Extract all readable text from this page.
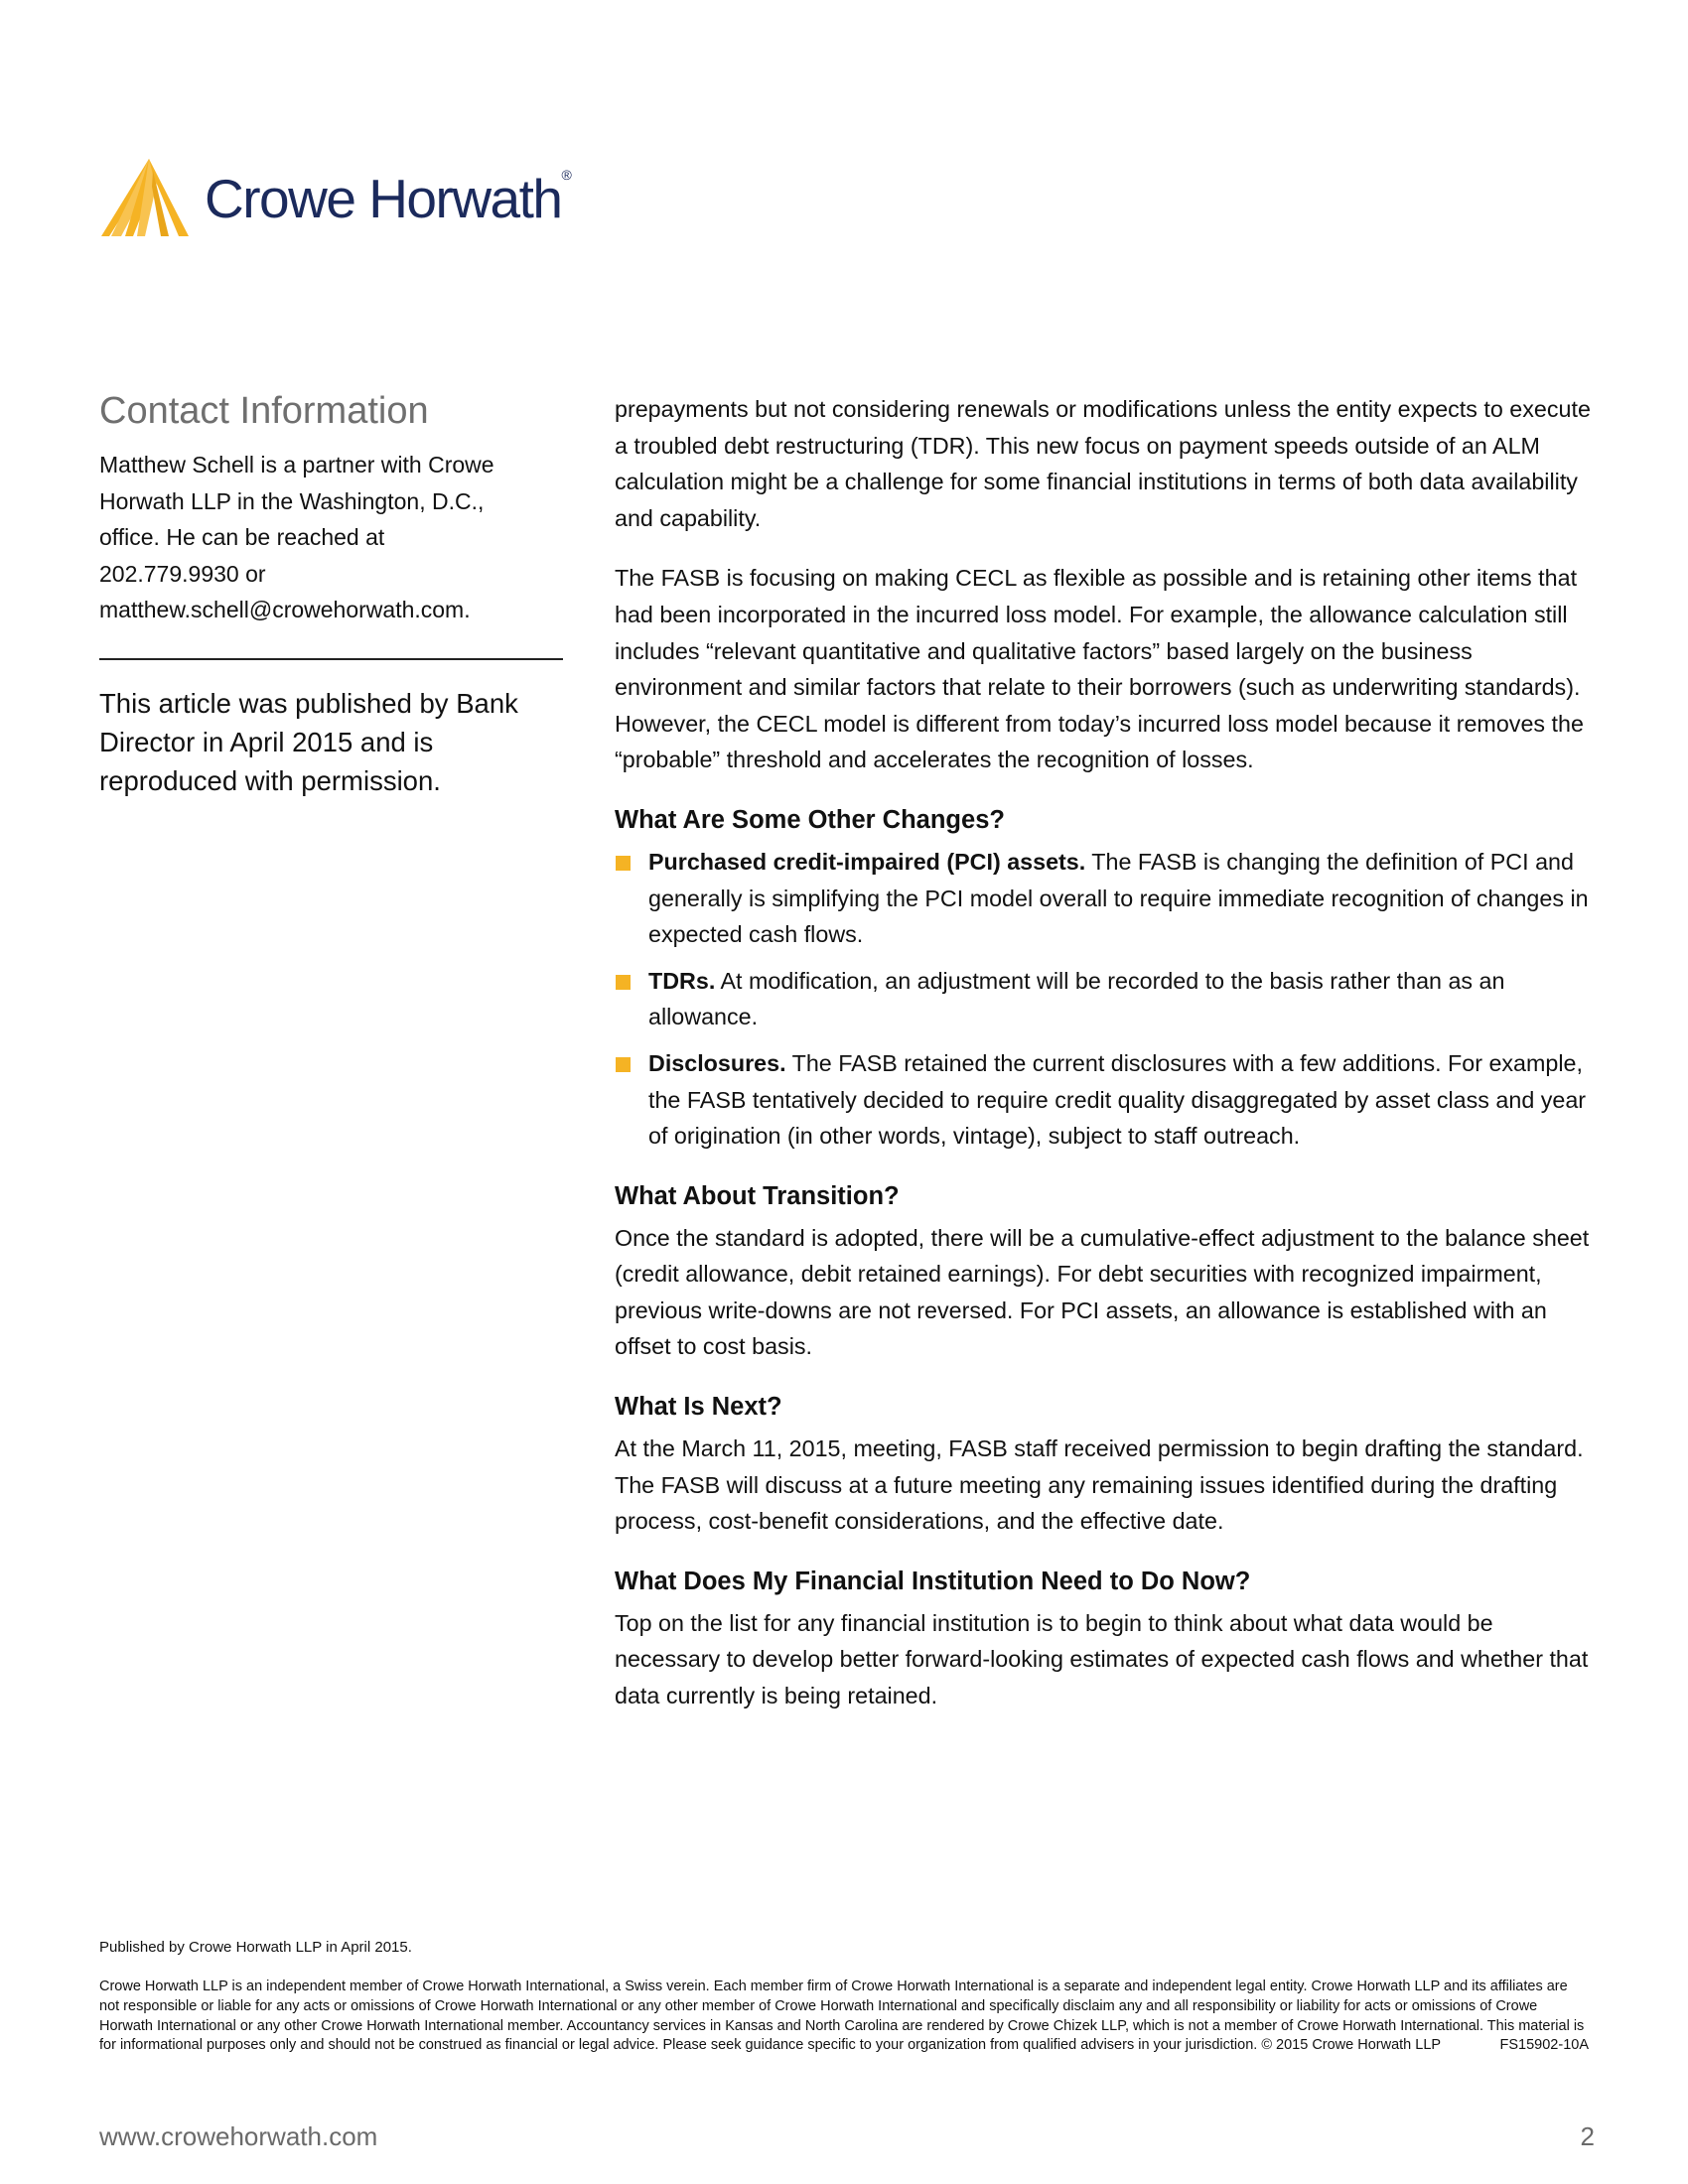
Crowe Horwath®
Contact Information
Matthew Schell is a partner with Crowe Horwath LLP in the Washington, D.C., office. He can be reached at 202.779.9930 or matthew.schell@crowehorwath.com.
This article was published by Bank Director in April 2015 and is reproduced with permission.

prepayments but not considering renewals or modifications unless the entity expects to execute a troubled debt restructuring (TDR). This new focus on payment speeds outside of an ALM calculation might be a challenge for some financial institutions in terms of both data availability and capability.

The FASB is focusing on making CECL as flexible as possible and is retaining other items that had been incorporated in the incurred loss model. For example, the allowance calculation still includes “relevant quantitative and qualitative factors” based largely on the business environment and similar factors that relate to their borrowers (such as underwriting standards). However, the CECL model is different from today’s incurred loss model because it removes the “probable” threshold and accelerates the recognition of losses.

What Are Some Other Changes?
Purchased credit-impaired (PCI) assets. The FASB is changing the definition of PCI and generally is simplifying the PCI model overall to require immediate recognition of changes in expected cash flows.
TDRs. At modification, an adjustment will be recorded to the basis rather than as an allowance.
Disclosures. The FASB retained the current disclosures with a few additions. For example, the FASB tentatively decided to require credit quality disaggregated by asset class and year of origination (in other words, vintage), subject to staff outreach.
What About Transition?

Once the standard is adopted, there will be a cumulative-effect adjustment to the balance sheet (credit allowance, debit retained earnings). For debt securities with recognized impairment, previous write-downs are not reversed. For PCI assets, an allowance is established with an offset to cost basis.

What Is Next?

At the March 11, 2015, meeting, FASB staff received permission to begin drafting the standard. The FASB will discuss at a future meeting any remaining issues identified during the drafting process, cost-benefit considerations, and the effective date.

What Does My Financial Institution Need to Do Now?

Top on the list for any financial institution is to begin to think about what data would be necessary to develop better forward-looking estimates of expected cash flows and whether that data currently is being retained.

Published by Crowe Horwath LLP in April 2015.
Crowe Horwath LLP is an independent member of Crowe Horwath International, a Swiss verein. Each member firm of Crowe Horwath International is a separate and independent legal entity. Crowe Horwath LLP and its affiliates are not responsible or liable for any acts or omissions of Crowe Horwath International or any other member of Crowe Horwath International and specifically disclaim any and all responsibility or liability for acts or omissions of Crowe Horwath International or any other Crowe Horwath International member. Accountancy services in Kansas and North Carolina are rendered by Crowe Chizek LLP, which is not a member of Crowe Horwath International. This material is for informational purposes only and should not be construed as financial or legal advice. Please seek guidance specific to your organization from qualified advisers in your jurisdiction. © 2015 Crowe Horwath LLP	FS15902-10A
www.crowehorwath.com	2
